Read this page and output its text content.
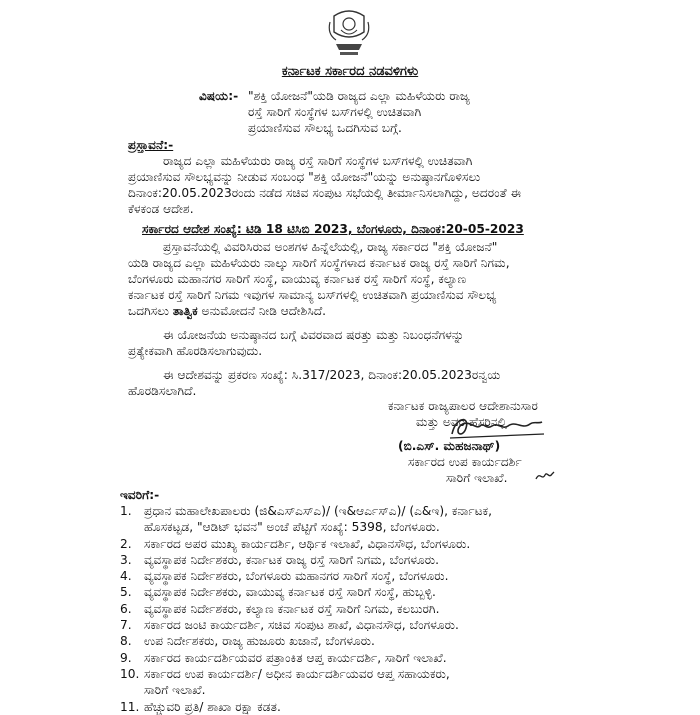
ಕರ್ನಾಟಕ ಸರ್ಕಾರದ ನಡವಳಿಗಳು
ವಿಷಯ:- "ಶಕ್ತಿ ಯೋಜನೆ"ಯಡಿ ರಾಜ್ಯದ ಎಲ್ಲಾ ಮಹಿಳೆಯರು ರಾಜ್ಯ
ರಸ್ತೆ ಸಾರಿಗೆ ಸಂಸ್ಥೆಗಳ ಬಸ್‌ಗಳಲ್ಲಿ ಉಚಿತವಾಗಿ
ಪ್ರಯಾಣಿಸುವ ಸೌಲಭ್ಯ ಒದಗಿಸುವ ಬಗ್ಗೆ.
ಪ್ರಸ್ತಾವನೆ:-
ರಾಜ್ಯದ ಎಲ್ಲಾ ಮಹಿಳೆಯರು ರಾಜ್ಯ ರಸ್ತೆ ಸಾರಿಗೆ ಸಂಸ್ಥೆಗಳ ಬಸ್‌ಗಳಲ್ಲಿ ಉಚಿತವಾಗಿ
ಪ್ರಯಾಣಿಸುವ ಸೌಲಭ್ಯವನ್ನು ನೀಡುವ ಸಂಬಂಧ "ಶಕ್ತಿ ಯೋಜನೆ"ಯನ್ನು ಅನುಷ್ಠಾನಗೊಳಿಸಲು
ದಿನಾಂಕ:20.05.2023ರಂದು ನಡೆದ ಸಚಿವ ಸಂಪುಟ ಸಭೆಯಲ್ಲಿ ತೀರ್ಮಾನಿಸಲಾಗಿದ್ದು, ಅದರಂತೆ ಈ
ಕೆಳಕಂಡ ಆದೇಶ.
ಸರ್ಕಾರದ ಆದೇಶ ಸಂಖ್ಯೆ: ಟಿಡಿ 18 ಟಿಸಿಬಿ 2023, ಬೆಂಗಳೂರು, ದಿನಾಂಕ:20-05-2023
ಪ್ರಸ್ತಾವನೆಯಲ್ಲಿ ವಿವರಿಸಿರುವ ಅಂಶಗಳ ಹಿನ್ನೆಲೆಯಲ್ಲಿ, ರಾಜ್ಯ ಸರ್ಕಾರದ "ಶಕ್ತಿ ಯೋಜನೆ"
ಯಡಿ ರಾಜ್ಯದ ಎಲ್ಲಾ ಮಹಿಳೆಯರು ನಾಲ್ಕು ಸಾರಿಗೆ ಸಂಸ್ಥೆಗಳಾದ ಕರ್ನಾಟಕ ರಾಜ್ಯ ರಸ್ತೆ ಸಾರಿಗೆ ನಿಗಮ,
ಬೆಂಗಳೂರು ಮಹಾನಗರ ಸಾರಿಗೆ ಸಂಸ್ಥೆ, ವಾಯುವ್ಯ ಕರ್ನಾಟಕ ರಸ್ತೆ ಸಾರಿಗೆ ಸಂಸ್ಥೆ, ಕಲ್ಯಾಣ
ಕರ್ನಾಟಕ ರಸ್ತೆ ಸಾರಿಗೆ ನಿಗಮ ಇವುಗಳ ಸಾಮಾನ್ಯ ಬಸ್‌ಗಳಲ್ಲಿ ಉಚಿತವಾಗಿ ಪ್ರಯಾಣಿಸುವ ಸೌಲಭ್ಯ
ಒದಗಿಸಲು ತಾತ್ವಿಕ ಅನುಮೋದನೆ ನೀಡಿ ಆದೇಶಿಸಿದೆ.
ಈ ಯೋಜನೆಯ ಅನುಷ್ಠಾನದ ಬಗ್ಗೆ ವಿವರವಾದ ಷರತ್ತು ಮತ್ತು ನಿಬಂಧನೆಗಳನ್ನು
ಪ್ರತ್ಯೇಕವಾಗಿ ಹೊರಡಿಸಲಾಗುವುದು.
ಈ ಆದೇಶವನ್ನು ಪ್ರಕರಣ ಸಂಖ್ಯೆ: ಸಿ.317/2023, ದಿನಾಂಕ:20.05.2023ರನ್ವಯ
ಹೊರಡಿಸಲಾಗಿದೆ.
ಕರ್ನಾಟಕ ರಾಜ್ಯಪಾಲರ ಆದೇಶಾನುಸಾರ
ಮತ್ತು ಅವರ ಹೆಸರಿನಲ್ಲಿ
(ಬಿ.ಎಸ್. ಮಹಜನಾಥ್)
ಸರ್ಕಾರದ ಉಪ ಕಾರ್ಯದರ್ಶಿ
ಸಾರಿಗೆ ಇಲಾಖೆ.
ಇವರಿಗೆ:-
1. ಪ್ರಧಾನ ಮಹಾಲೇಖಪಾಲರು (ಜಿ&ಎಸ್ಎಸ್ಎ)/ (ಇ&ಆರ್ಎಸ್ಎ)/ (ಎ&ಇ), ಕರ್ನಾಟಕ,
ಹೊಸಕಟ್ಟಡ, "ಆಡಿಟ್ ಭವನ" ಅಂಚೆ ಪೆಟ್ಟಿಗೆ ಸಂಖ್ಯೆ: 5398, ಬೆಂಗಳೂರು.
2. ಸರ್ಕಾರದ ಅಪರ ಮುಖ್ಯ ಕಾರ್ಯದರ್ಶಿ, ಆರ್ಥಿಕ ಇಲಾಖೆ, ವಿಧಾನಸೌಧ, ಬೆಂಗಳೂರು.
3. ವ್ಯವಸ್ಥಾಪಕ ನಿರ್ದೇಶಕರು, ಕರ್ನಾಟಕ ರಾಜ್ಯ ರಸ್ತೆ ಸಾರಿಗೆ ನಿಗಮ, ಬೆಂಗಳೂರು.
4. ವ್ಯವಸ್ಥಾಪಕ ನಿರ್ದೇಶಕರು, ಬೆಂಗಳೂರು ಮಹಾನಗರ ಸಾರಿಗೆ ಸಂಸ್ಥೆ, ಬೆಂಗಳೂರು.
5. ವ್ಯವಸ್ಥಾಪಕ ನಿರ್ದೇಶಕರು, ವಾಯುವ್ಯ ಕರ್ನಾಟಕ ರಸ್ತೆ ಸಾರಿಗೆ ಸಂಸ್ಥೆ, ಹುಬ್ಬಳ್ಳಿ.
6. ವ್ಯವಸ್ಥಾಪಕ ನಿರ್ದೇಶಕರು, ಕಲ್ಯಾಣ ಕರ್ನಾಟಕ ರಸ್ತೆ ಸಾರಿಗೆ ನಿಗಮ, ಕಲಬುರಗಿ.
7. ಸರ್ಕಾರದ ಜಂಟಿ ಕಾರ್ಯದರ್ಶಿ, ಸಚಿವ ಸಂಪುಟ ಶಾಖೆ, ವಿಧಾನಸೌಧ, ಬೆಂಗಳೂರು.
8. ಉಪ ನಿರ್ದೇಶಕರು, ರಾಜ್ಯ ಹುಜೂರು ಖಜಾನೆ, ಬೆಂಗಳೂರು.
9. ಸರ್ಕಾರದ ಕಾರ್ಯದರ್ಶಿಯವರ ಪತ್ರಾಂಕಿತ ಆಪ್ತ ಕಾರ್ಯದರ್ಶಿ, ಸಾರಿಗೆ ಇಲಾಖೆ.
10. ಸರ್ಕಾರದ ಉಪ ಕಾರ್ಯದರ್ಶಿ/ ಅಧೀನ ಕಾರ್ಯದರ್ಶಿಯವರ ಆಪ್ತ ಸಹಾಯಕರು,
ಸಾರಿಗೆ ಇಲಾಖೆ.
11. ಹೆಚ್ಚುವರಿ ಪ್ರತಿ/ ಶಾಖಾ ರಕ್ಷಾ ಕಡತ.
